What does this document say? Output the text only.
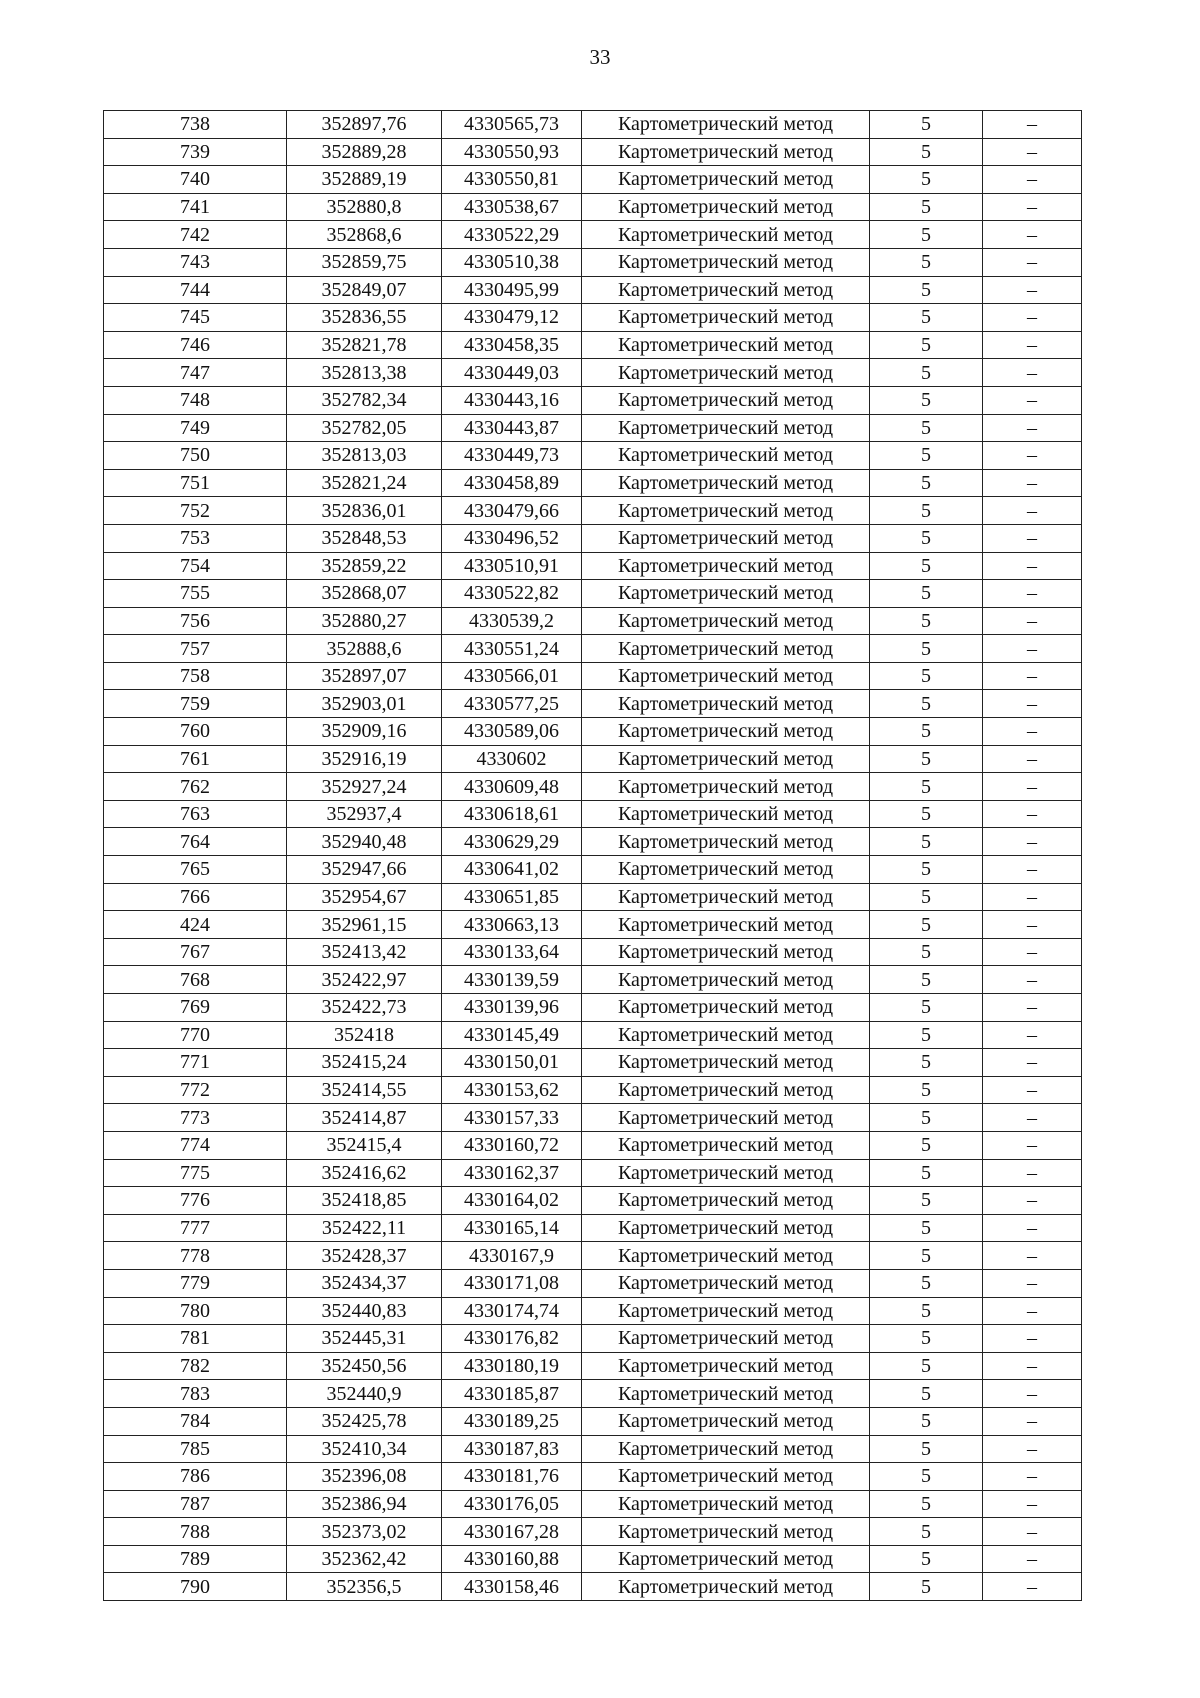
33
738	352897,76	4330565,73	Картометрический метод	5	–
739	352889,28	4330550,93	Картометрический метод	5	–
740	352889,19	4330550,81	Картометрический метод	5	–
741	352880,8	4330538,67	Картометрический метод	5	–
742	352868,6	4330522,29	Картометрический метод	5	–
743	352859,75	4330510,38	Картометрический метод	5	–
744	352849,07	4330495,99	Картометрический метод	5	–
745	352836,55	4330479,12	Картометрический метод	5	–
746	352821,78	4330458,35	Картометрический метод	5	–
747	352813,38	4330449,03	Картометрический метод	5	–
748	352782,34	4330443,16	Картометрический метод	5	–
749	352782,05	4330443,87	Картометрический метод	5	–
750	352813,03	4330449,73	Картометрический метод	5	–
751	352821,24	4330458,89	Картометрический метод	5	–
752	352836,01	4330479,66	Картометрический метод	5	–
753	352848,53	4330496,52	Картометрический метод	5	–
754	352859,22	4330510,91	Картометрический метод	5	–
755	352868,07	4330522,82	Картометрический метод	5	–
756	352880,27	4330539,2	Картометрический метод	5	–
757	352888,6	4330551,24	Картометрический метод	5	–
758	352897,07	4330566,01	Картометрический метод	5	–
759	352903,01	4330577,25	Картометрический метод	5	–
760	352909,16	4330589,06	Картометрический метод	5	–
761	352916,19	4330602	Картометрический метод	5	–
762	352927,24	4330609,48	Картометрический метод	5	–
763	352937,4	4330618,61	Картометрический метод	5	–
764	352940,48	4330629,29	Картометрический метод	5	–
765	352947,66	4330641,02	Картометрический метод	5	–
766	352954,67	4330651,85	Картометрический метод	5	–
424	352961,15	4330663,13	Картометрический метод	5	–
767	352413,42	4330133,64	Картометрический метод	5	–
768	352422,97	4330139,59	Картометрический метод	5	–
769	352422,73	4330139,96	Картометрический метод	5	–
770	352418	4330145,49	Картометрический метод	5	–
771	352415,24	4330150,01	Картометрический метод	5	–
772	352414,55	4330153,62	Картометрический метод	5	–
773	352414,87	4330157,33	Картометрический метод	5	–
774	352415,4	4330160,72	Картометрический метод	5	–
775	352416,62	4330162,37	Картометрический метод	5	–
776	352418,85	4330164,02	Картометрический метод	5	–
777	352422,11	4330165,14	Картометрический метод	5	–
778	352428,37	4330167,9	Картометрический метод	5	–
779	352434,37	4330171,08	Картометрический метод	5	–
780	352440,83	4330174,74	Картометрический метод	5	–
781	352445,31	4330176,82	Картометрический метод	5	–
782	352450,56	4330180,19	Картометрический метод	5	–
783	352440,9	4330185,87	Картометрический метод	5	–
784	352425,78	4330189,25	Картометрический метод	5	–
785	352410,34	4330187,83	Картометрический метод	5	–
786	352396,08	4330181,76	Картометрический метод	5	–
787	352386,94	4330176,05	Картометрический метод	5	–
788	352373,02	4330167,28	Картометрический метод	5	–
789	352362,42	4330160,88	Картометрический метод	5	–
790	352356,5	4330158,46	Картометрический метод	5	–
